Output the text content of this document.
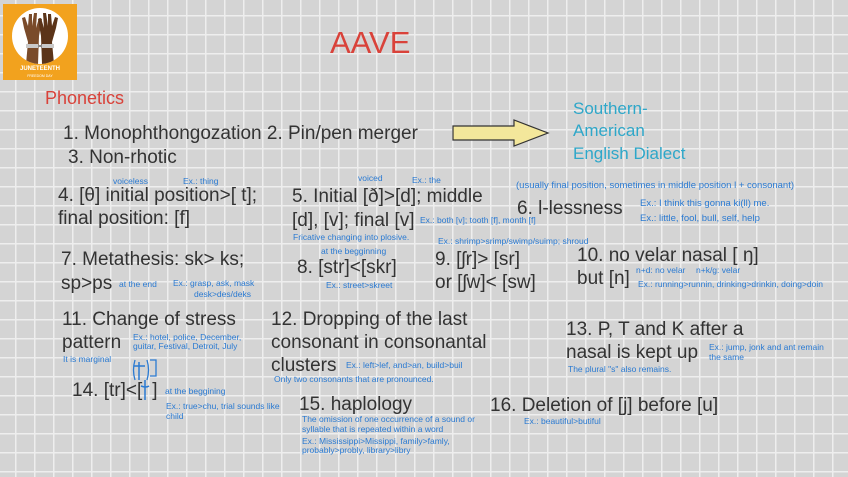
JUNETEENTH
FREEDOM DAY
AAVE
Phonetics
1. Monophthongozation 2. Pin/pen merger
3. Non-rhotic
Southern-
American
English Dialect
voiceless	Ex.: thing
4. [θ] initial position>[ t];
final position: [f]
voiced	Ex.: the
5. Initial [ð]>[d]; middle
[d], [v]; final [v] Ex.: both [v]; tooth [f], month [f]
Fricative changing into plosive.
(usually final position, sometimes in middle position l + consonant)
6. l-lessness Ex.: I think this gonna ki(ll) me.
Ex.: little, fool, bull, self, help
Ex.: shrimp>srimp/swimp/suimp; shroud
7. Metathesis: sk> ks;
sp>ps at the end Ex.: grasp, ask, mask
desk>des/deks
at the begginning
8. [str]<[skr]
Ex.: street>skreet
9. [ʃr]> [sr]
or [ʃw]< [sw]
10. no velar nasal [ ŋ]
but [n] n+d: no velar n+k/g: velar
Ex.: running>runnin, drinking>drinkin, doing>doin
11. Change of stress
pattern Ex.: hotel, police, December,
guitar, Festival, Detroit, July
It is marginal
12. Dropping of the last
consonant in consonantal
clusters Ex.: left>lef, and>an, build>buil
Only two consonants that are pronounced.
13. P, T and K after a
nasal is kept up Ex.: jump, jonk and ant remain
the same
The plural "s" also remains.
14. [tr]<[ ] at the beggining
Ex.: true>chu, trial sounds like
child
15. haplology
The omission of one occurrence of a sound or
syllable that is repeated within a word
Ex.: Mississippi>Missippi, family>famly,
probably>probly, library>libry
16. Deletion of [j] before [u]
Ex.: beautiful>butiful
